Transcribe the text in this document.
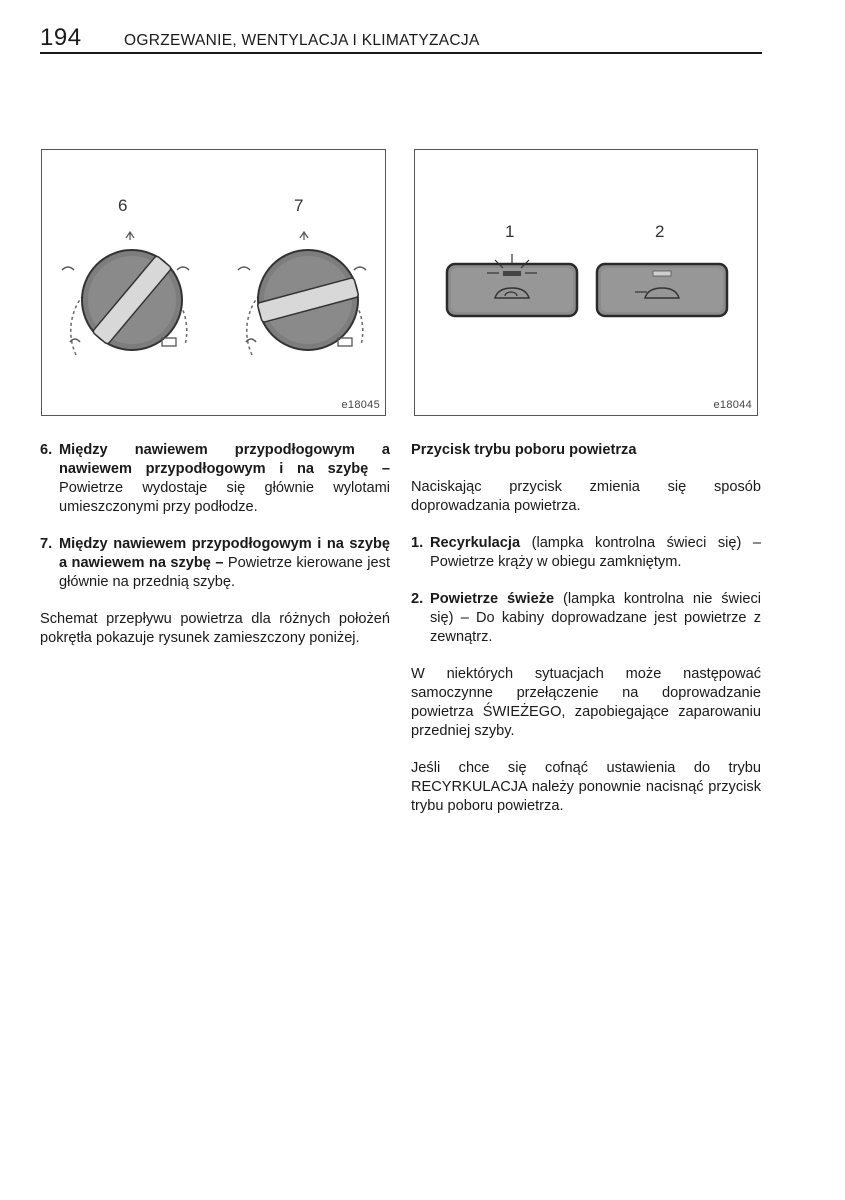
194	OGRZEWANIE, WENTYLACJA I KLIMATYZACJA
6	7
e18045
1	2
e18044

6. Między nawiewem przypodłogowym a nawiewem przypodłogowym i na szybę – Powietrze wydostaje się głównie wylotami umieszczonymi przy podłodze.

7. Między nawiewem przypodłogowym i na szybę a nawiewem na szybę – Powietrze kierowane jest głównie na przednią szybę.

Schemat przepływu powietrza dla różnych położeń pokrętła pokazuje rysunek zamieszczony poniżej.

Przycisk trybu poboru powietrza

Naciskając przycisk zmienia się sposób doprowadzania powietrza.

1. Recyrkulacja (lampka kontrolna świeci się) – Powietrze krąży w obiegu zamkniętym.

2. Powietrze świeże (lampka kontrolna nie świeci się) – Do kabiny doprowadzane jest powietrze z zewnątrz.

W niektórych sytuacjach może następować samoczynne przełączenie na doprowadzanie powietrza ŚWIEŻEGO, zapobiegające zaparowaniu przedniej szyby.

Jeśli chce się cofnąć ustawienia do trybu RECYRKULACJA należy ponownie nacisnąć przycisk trybu poboru powietrza.
